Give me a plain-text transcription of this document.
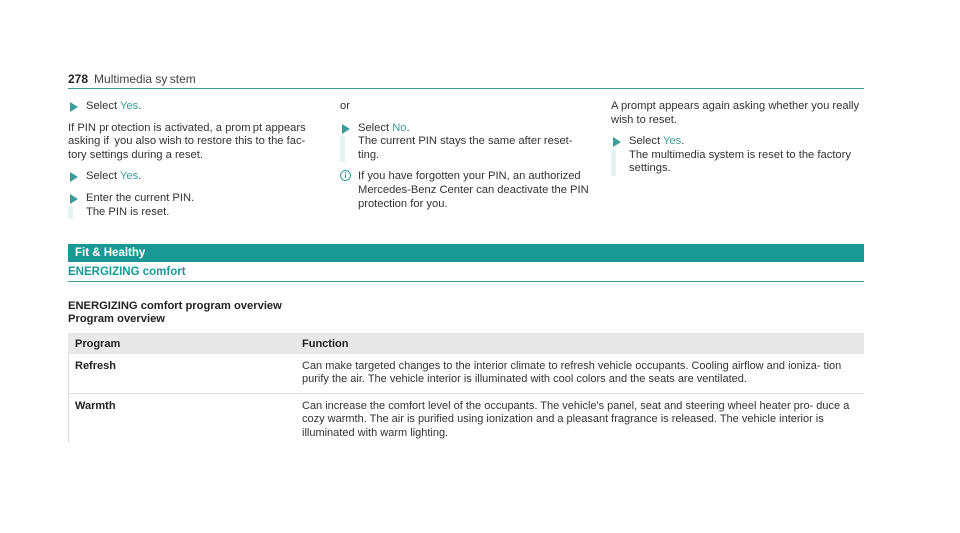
278 Multimedia sy stem
Select Yes.
If PIN pr otection is activated, a prom pt appears asking if  you also wish to restore this to the fac- tory settings during a reset.
Select Yes.
Enter the current PIN.
The PIN is reset.
or
Select No.
The current PIN stays the same after reset- ting.
i	If you have forgotten your PIN, an authorized Mercedes-Benz Center can deactivate the PIN protection for you.
A prompt appears again asking whether you really wish to reset.
Select Yes.
The multimedia system is reset to the factory settings.
Fit & Healthy
ENERGIZING comfort
ENERGIZING comfort program overview
Program overview
Program	Function
Refresh	Can make targeted changes to the interior climate to refresh vehicle occupants. Cooling airflow and ioniza- tion purify the air. The vehicle interior is illuminated with cool colors and the seats are ventilated.
Warmth	Can increase the comfort level of the occupants. The vehicle's panel, seat and steering wheel heater pro- duce a cozy warmth. The air is purified using ionization and a pleasant fragrance is released. The vehicle interior is illuminated with warm lighting.
